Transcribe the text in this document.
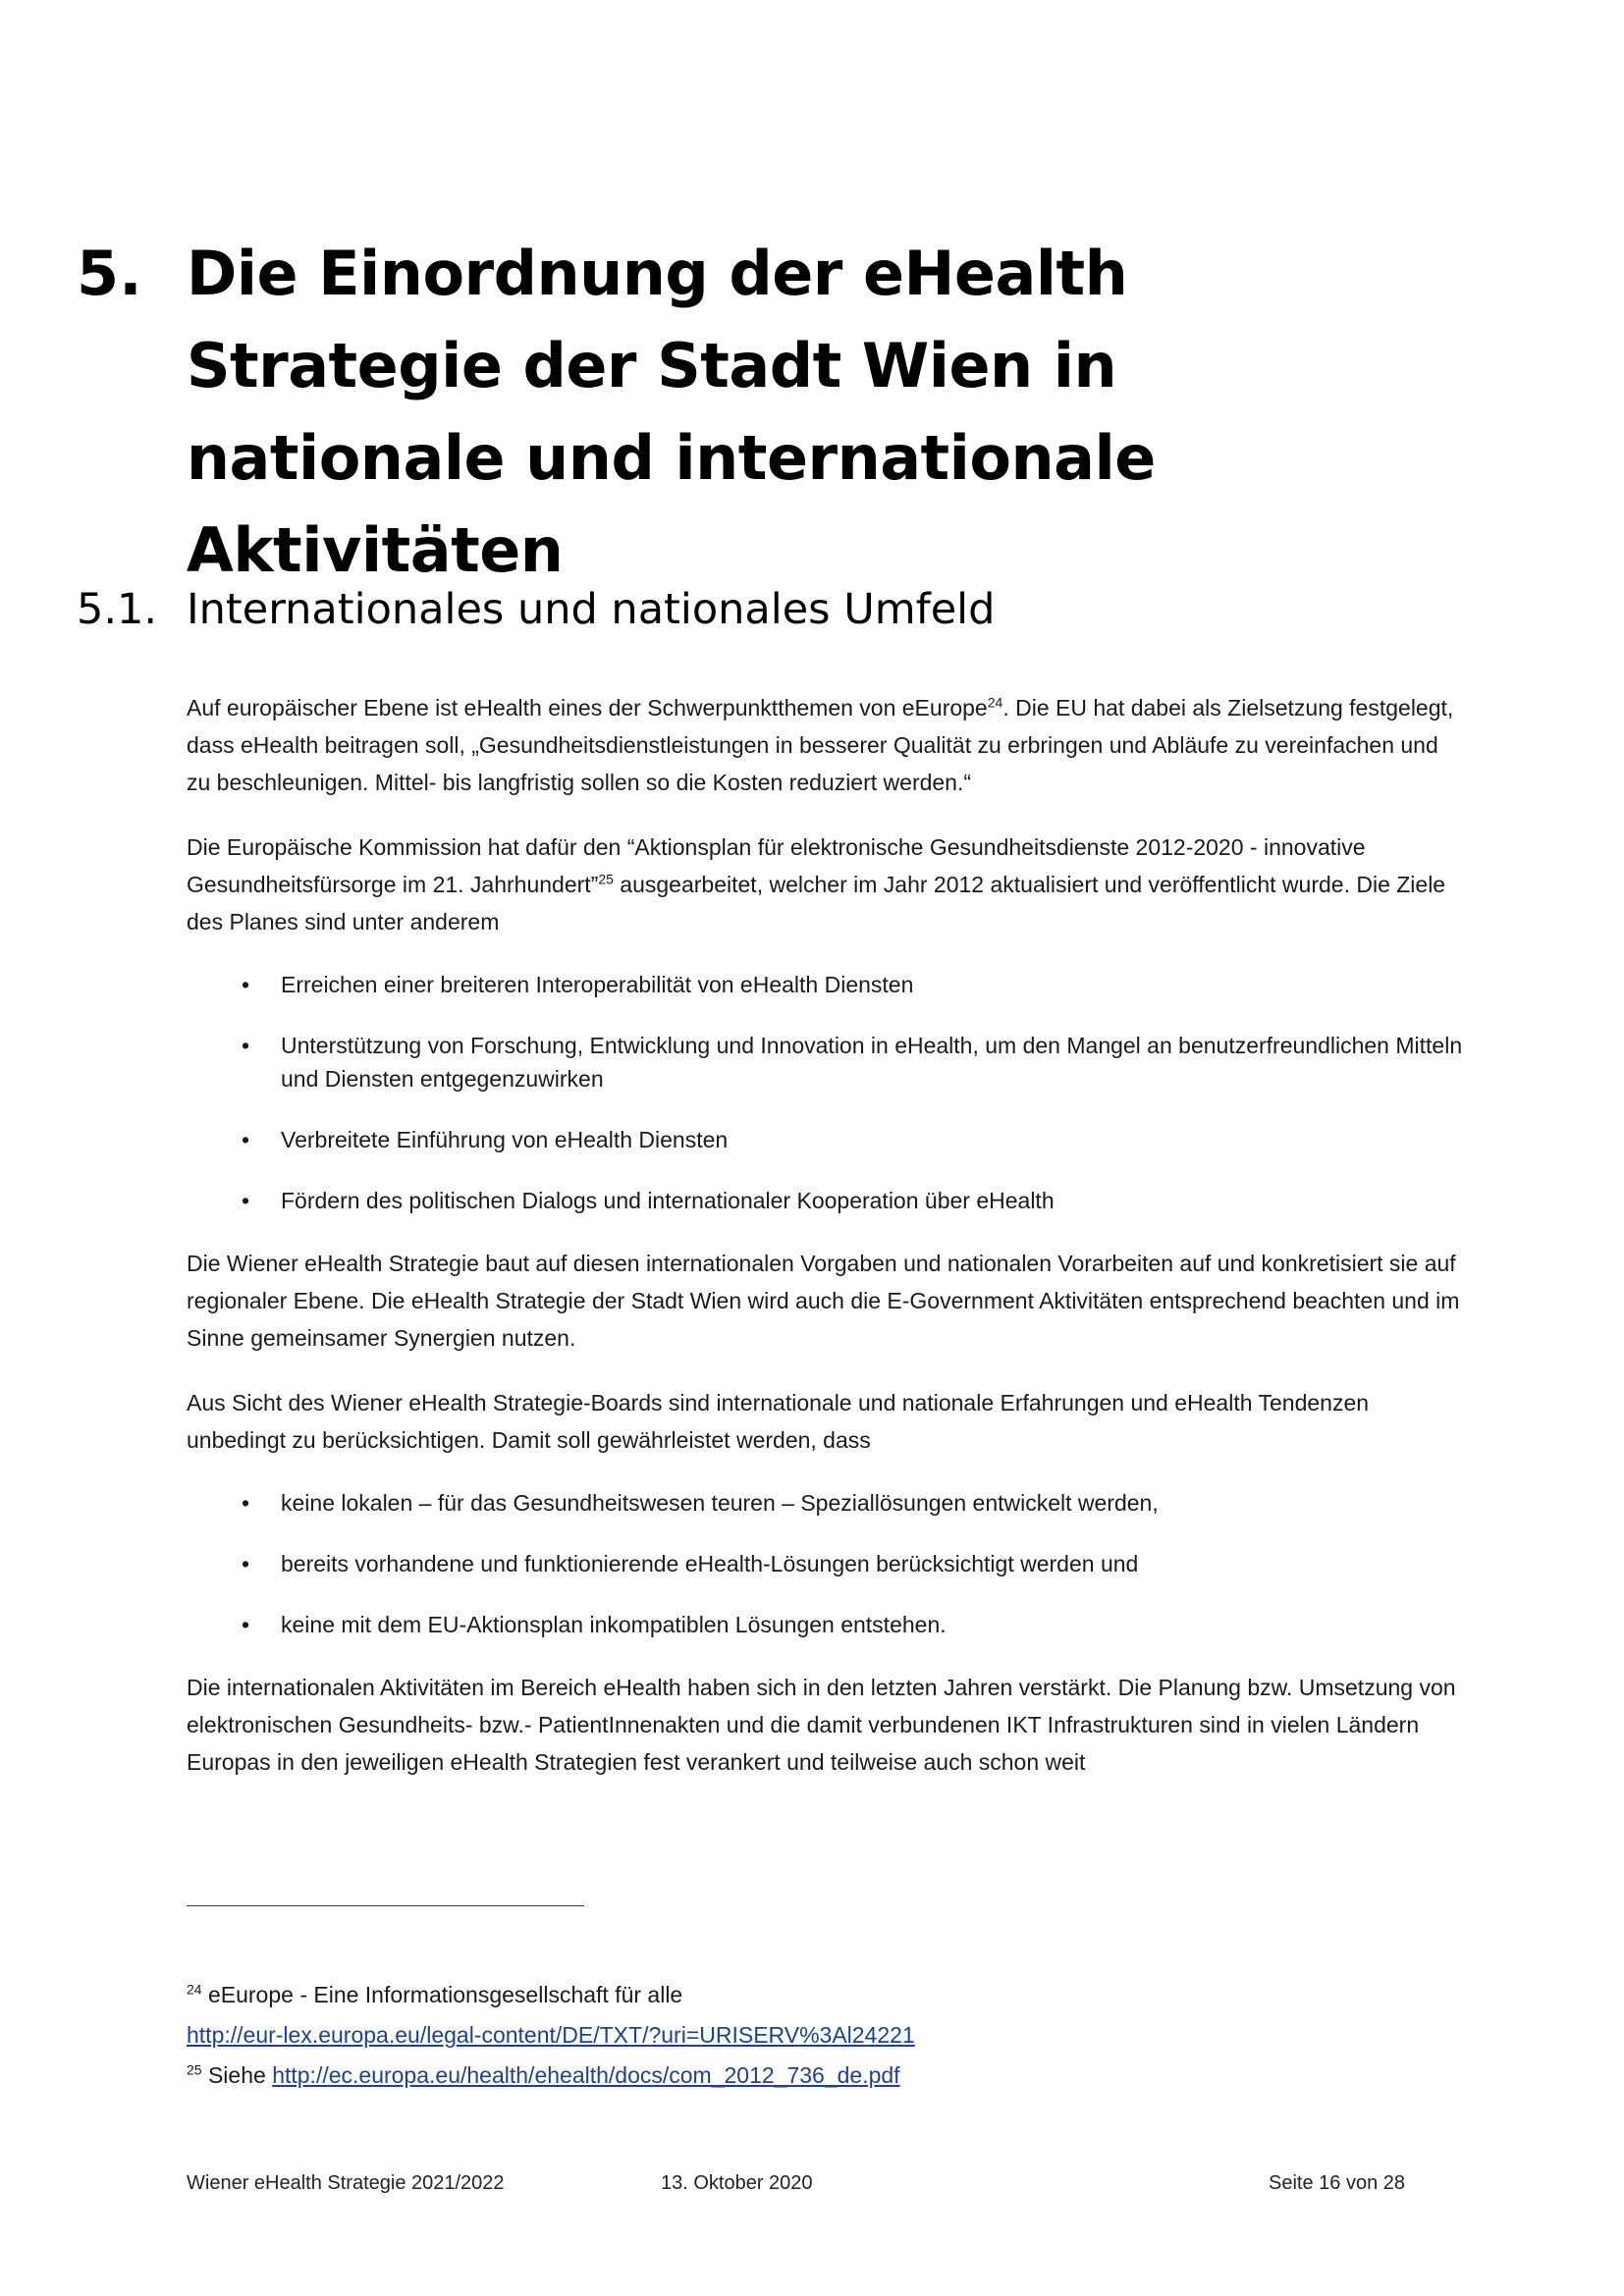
5. Die Einordnung der eHealth Strategie der Stadt Wien in nationale und internationale Aktivitäten
5.1. Internationales und nationales Umfeld

Auf europäischer Ebene ist eHealth eines der Schwerpunktthemen von eEurope$^{24}$. Die EU hat dabei als Zielsetzung festgelegt, dass eHealth beitragen soll, „Gesundheitsdienstleistungen in besserer Qualität zu erbringen und Abläufe zu vereinfachen und zu beschleunigen. Mittel- bis langfristig sollen so die Kosten reduziert werden.“

Die Europäische Kommission hat dafür den “Aktionsplan für elektronische Gesundheitsdienste 2012-2020 - innovative Gesundheitsfürsorge im 21. Jahrhundert”$^{25}$ ausgearbeitet, welcher im Jahr 2012 aktualisiert und veröffentlicht wurde. Die Ziele des Planes sind unter anderem

• Erreichen einer breiteren Interoperabilität von eHealth Diensten
• Unterstützung von Forschung, Entwicklung und Innovation in eHealth, um den Mangel an benutzerfreundlichen Mitteln und Diensten entgegenzuwirken
• Verbreitete Einführung von eHealth Diensten
• Fördern des politischen Dialogs und internationaler Kooperation über eHealth

Die Wiener eHealth Strategie baut auf diesen internationalen Vorgaben und nationalen Vorarbeiten auf und konkretisiert sie auf regionaler Ebene. Die eHealth Strategie der Stadt Wien wird auch die E-Government Aktivitäten entsprechend beachten und im Sinne gemeinsamer Synergien nutzen.

Aus Sicht des Wiener eHealth Strategie-Boards sind internationale und nationale Erfahrungen und eHealth Tendenzen unbedingt zu berücksichtigen. Damit soll gewährleistet werden, dass

• keine lokalen – für das Gesundheitswesen teuren – Speziallösungen entwickelt werden,
• bereits vorhandene und funktionierende eHealth-Lösungen berücksichtigt werden und
• keine mit dem EU-Aktionsplan inkompatiblen Lösungen entstehen.

Die internationalen Aktivitäten im Bereich eHealth haben sich in den letzten Jahren verstärkt. Die Planung bzw. Umsetzung von elektronischen Gesundheits- bzw.- PatientInnenakten und die damit verbundenen IKT Infrastrukturen sind in vielen Ländern Europas in den jeweiligen eHealth Strategien fest verankert und teilweise auch schon weit

$^{24}$ eEurope - Eine Informationsgesellschaft für alle
http://eur-lex.europa.eu/legal-content/DE/TXT/?uri=URISERV%3Al24221
$^{25}$ Siehe http://ec.europa.eu/health/ehealth/docs/com_2012_736_de.pdf
Wiener eHealth Strategie 2021/2022	13. Oktober 2020	Seite 16 von 28
